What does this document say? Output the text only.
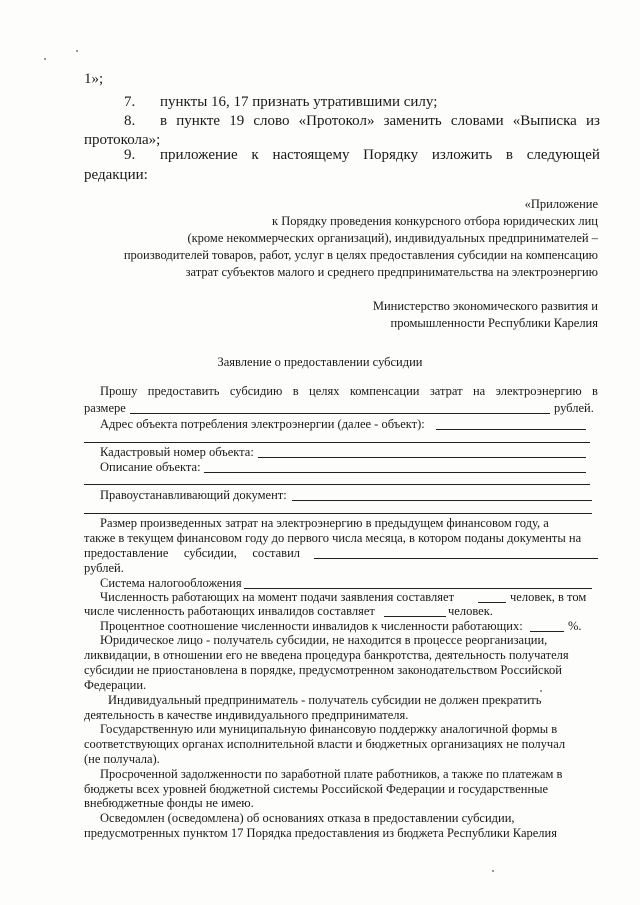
1»;
7. пункты 16, 17 признать утратившими силу;
8. в пункте 19 слово «Протокол» заменить словами «Выписка из
протокола»;
9. приложение к настоящему Порядку изложить в следующей
редакции:
«Приложение
к Порядку проведения конкурсного отбора юридических лиц
(кроме некоммерческих организаций), индивидуальных предпринимателей –
производителей товаров, работ, услуг в целях предоставления субсидии на компенсацию
затрат субъектов малого и среднего предпринимательства на электроэнергию
Министерство экономического развития и
промышленности Республики Карелия
Заявление о предоставлении субсидии
Прошу предоставить субсидию в целях компенсации затрат на электроэнергию в
размере	рублей.
Адрес объекта потребления электроэнергии (далее - объект):
Кадастровый номер объекта:
Описание объекта:
Правоустанавливающий документ:
Размер произведенных затрат на электроэнергию в предыдущем финансовом году, а
также в текущем финансовом году до первого числа месяца, в котором поданы документы на
предоставление субсидии, составил
рублей.
Система налогообложения
Численность работающих на момент подачи заявления составляет	человек, в том
числе численность работающих инвалидов составляет	человек.
Процентное соотношение численности инвалидов к численности работающих:	%.
Юридическое лицо - получатель субсидии, не находится в процессе реорганизации,
ликвидации, в отношении его не введена процедура банкротства, деятельность получателя
субсидии не приостановлена в порядке, предусмотренном законодательством Российской
Федерации.
Индивидуальный предприниматель - получатель субсидии не должен прекратить
деятельность в качестве индивидуального предпринимателя.
Государственную или муниципальную финансовую поддержку аналогичной формы в
соответствующих органах исполнительной власти и бюджетных организациях не получал
(не получала).
Просроченной задолженности по заработной плате работников, а также по платежам в
бюджеты всех уровней бюджетной системы Российской Федерации и государственные
внебюджетные фонды не имею.
Осведомлен (осведомлена) об основаниях отказа в предоставлении субсидии,
предусмотренных пунктом 17 Порядка предоставления из бюджета Республики Карелия
